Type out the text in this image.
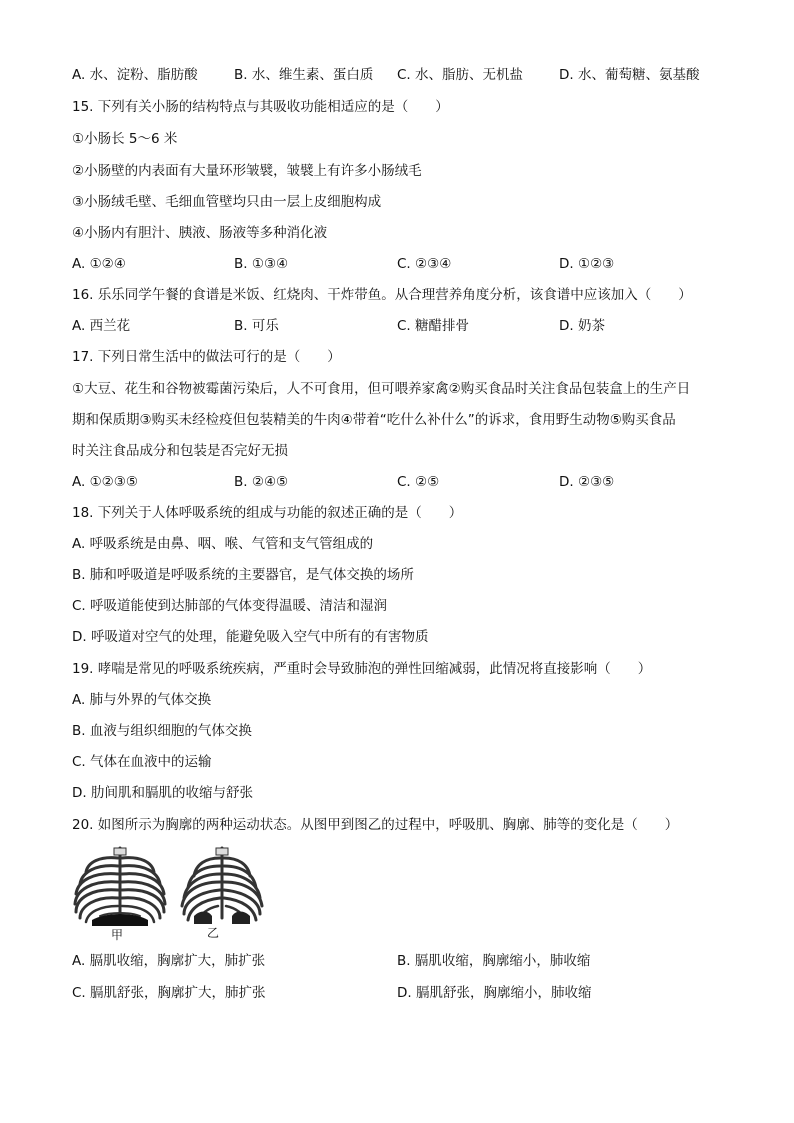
A. 水、淀粉、脂肪酸	B. 水、维生素、蛋白质 C. 水、脂肪、无机盐	D. 水、葡萄糖、氨基酸
15. 下列有关小肠的结构特点与其吸收功能相适应的是（　　）
①小肠长 5～6 米
②小肠壁的内表面有大量环形皱襞，皱襞上有许多小肠绒毛
③小肠绒毛壁、毛细血管壁均只由一层上皮细胞构成
④小肠内有胆汁、胰液、肠液等多种消化液
A. ①②④	B. ①③④	C. ②③④	D. ①②③
16. 乐乐同学午餐的食谱是米饭、红烧肉、干炸带鱼。从合理营养角度分析，该食谱中应该加入（　　）
A. 西兰花	B. 可乐	C. 糖醋排骨	D. 奶茶
17. 下列日常生活中的做法可行的是（　　）
①大豆、花生和谷物被霉菌污染后，人不可食用，但可喂养家禽②购买食品时关注食品包装盒上的生产日
期和保质期③购买未经检疫但包装精美的牛肉④带着“吃什么补什么”的诉求，食用野生动物⑤购买食品
时关注食品成分和包装是否完好无损
A. ①②③⑤	B. ②④⑤	C. ②⑤	D. ②③⑤
18. 下列关于人体呼吸系统的组成与功能的叙述正确的是（　　）
A. 呼吸系统是由鼻、咽、喉、气管和支气管组成的
B. 肺和呼吸道是呼吸系统的主要器官，是气体交换的场所
C. 呼吸道能使到达肺部的气体变得温暖、清洁和湿润
D. 呼吸道对空气的处理，能避免吸入空气中所有的有害物质
19. 哮喘是常见的呼吸系统疾病，严重时会导致肺泡的弹性回缩减弱，此情况将直接影响（　　）
A. 肺与外界的气体交换
B. 血液与组织细胞的气体交换
C. 气体在血液中的运输
D. 肋间肌和膈肌的收缩与舒张
20. 如图所示为胸廓的两种运动状态。从图甲到图乙的过程中，呼吸肌、胸廓、肺等的变化是（　　）
甲	乙
A. 膈肌收缩，胸廓扩大，肺扩张	B. 膈肌收缩，胸廓缩小，肺收缩
C. 膈肌舒张，胸廓扩大，肺扩张	D. 膈肌舒张，胸廓缩小，肺收缩
